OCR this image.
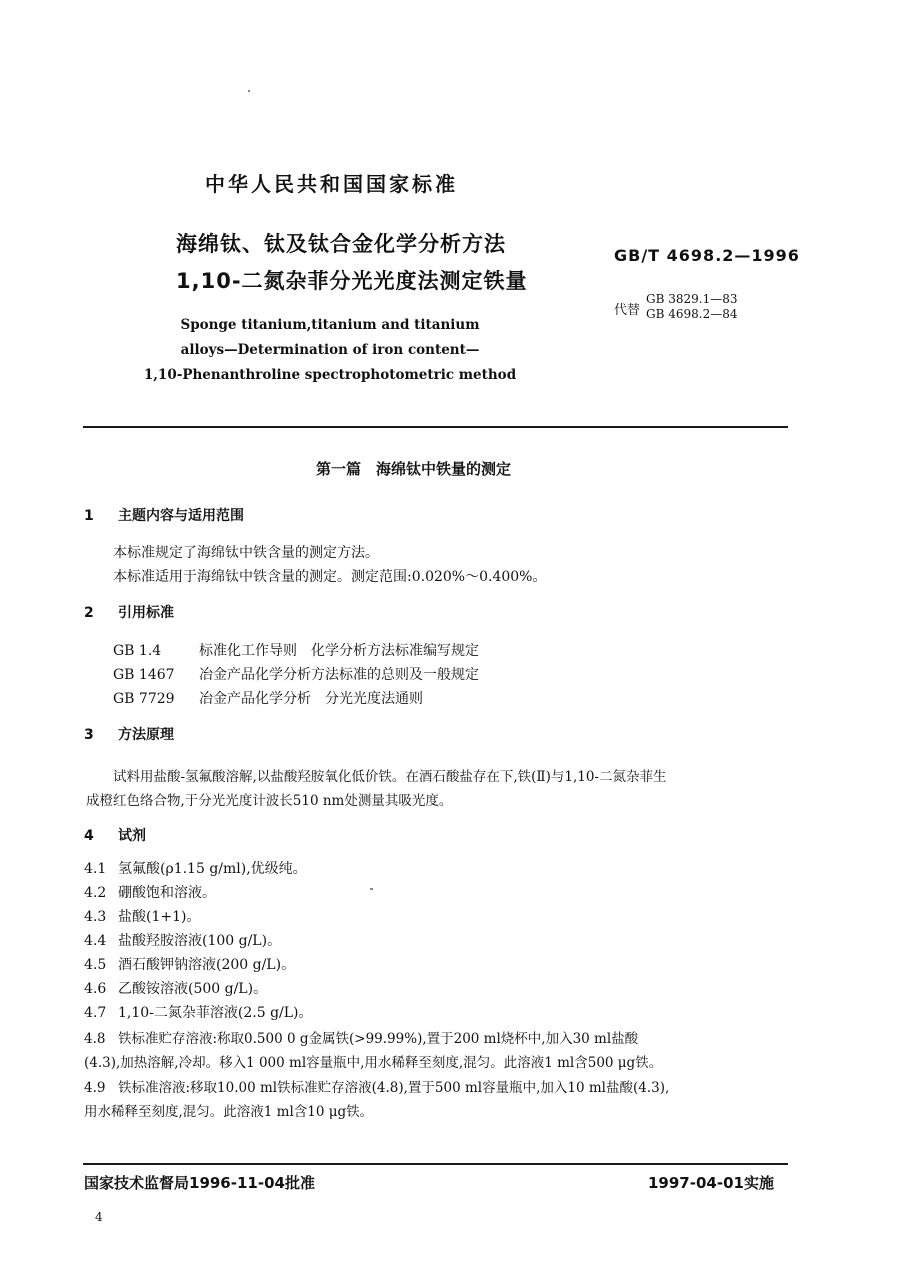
中华人民共和国国家标准
海绵钛、钛及钛合金化学分析方法
1,10-二氮杂菲分光光度法测定铁量
Sponge titanium,titanium and titanium
alloys—Determination of iron content—
1,10-Phenanthroline spectrophotometric method
GB/T 4698.2—1996
代替
GB 3829.1—83
GB 4698.2—84
第一篇　海绵钛中铁量的测定
1 主题内容与适用范围
本标准规定了海绵钛中铁含量的测定方法。
本标准适用于海绵钛中铁含量的测定。测定范围:0.020%～0.400%。
2 引用标准
GB 1.4	标准化工作导则　化学分析方法标准编写规定
GB 1467 冶金产品化学分析方法标准的总则及一般规定
GB 7729 冶金产品化学分析　分光光度法通则
3 方法原理
试料用盐酸-氢氟酸溶解,以盐酸羟胺氧化低价铁。在酒石酸盐存在下,铁(Ⅱ)与1,10-二氮杂菲生
成橙红色络合物,于分光光度计波长510 nm处测量其吸光度。
4 试剂
4.1 氢氟酸(ρ1.15 g/ml),优级纯。
4.2 硼酸饱和溶液。
4.3 盐酸(1+1)。
4.4 盐酸羟胺溶液(100 g/L)。
4.5 酒石酸钾钠溶液(200 g/L)。
4.6 乙酸铵溶液(500 g/L)。
4.7 1,10-二氮杂菲溶液(2.5 g/L)。
4.8 铁标准贮存溶液:称取0.500 0 g金属铁(>99.99%),置于200 ml烧杯中,加入30 ml盐酸
(4.3),加热溶解,冷却。移入1 000 ml容量瓶中,用水稀释至刻度,混匀。此溶液1 ml含500 μg铁。
4.9 铁标准溶液:移取10.00 ml铁标准贮存溶液(4.8),置于500 ml容量瓶中,加入10 ml盐酸(4.3),
用水稀释至刻度,混匀。此溶液1 ml含10 μg铁。
国家技术监督局1996-11-04批准	1997-04-01实施
4
